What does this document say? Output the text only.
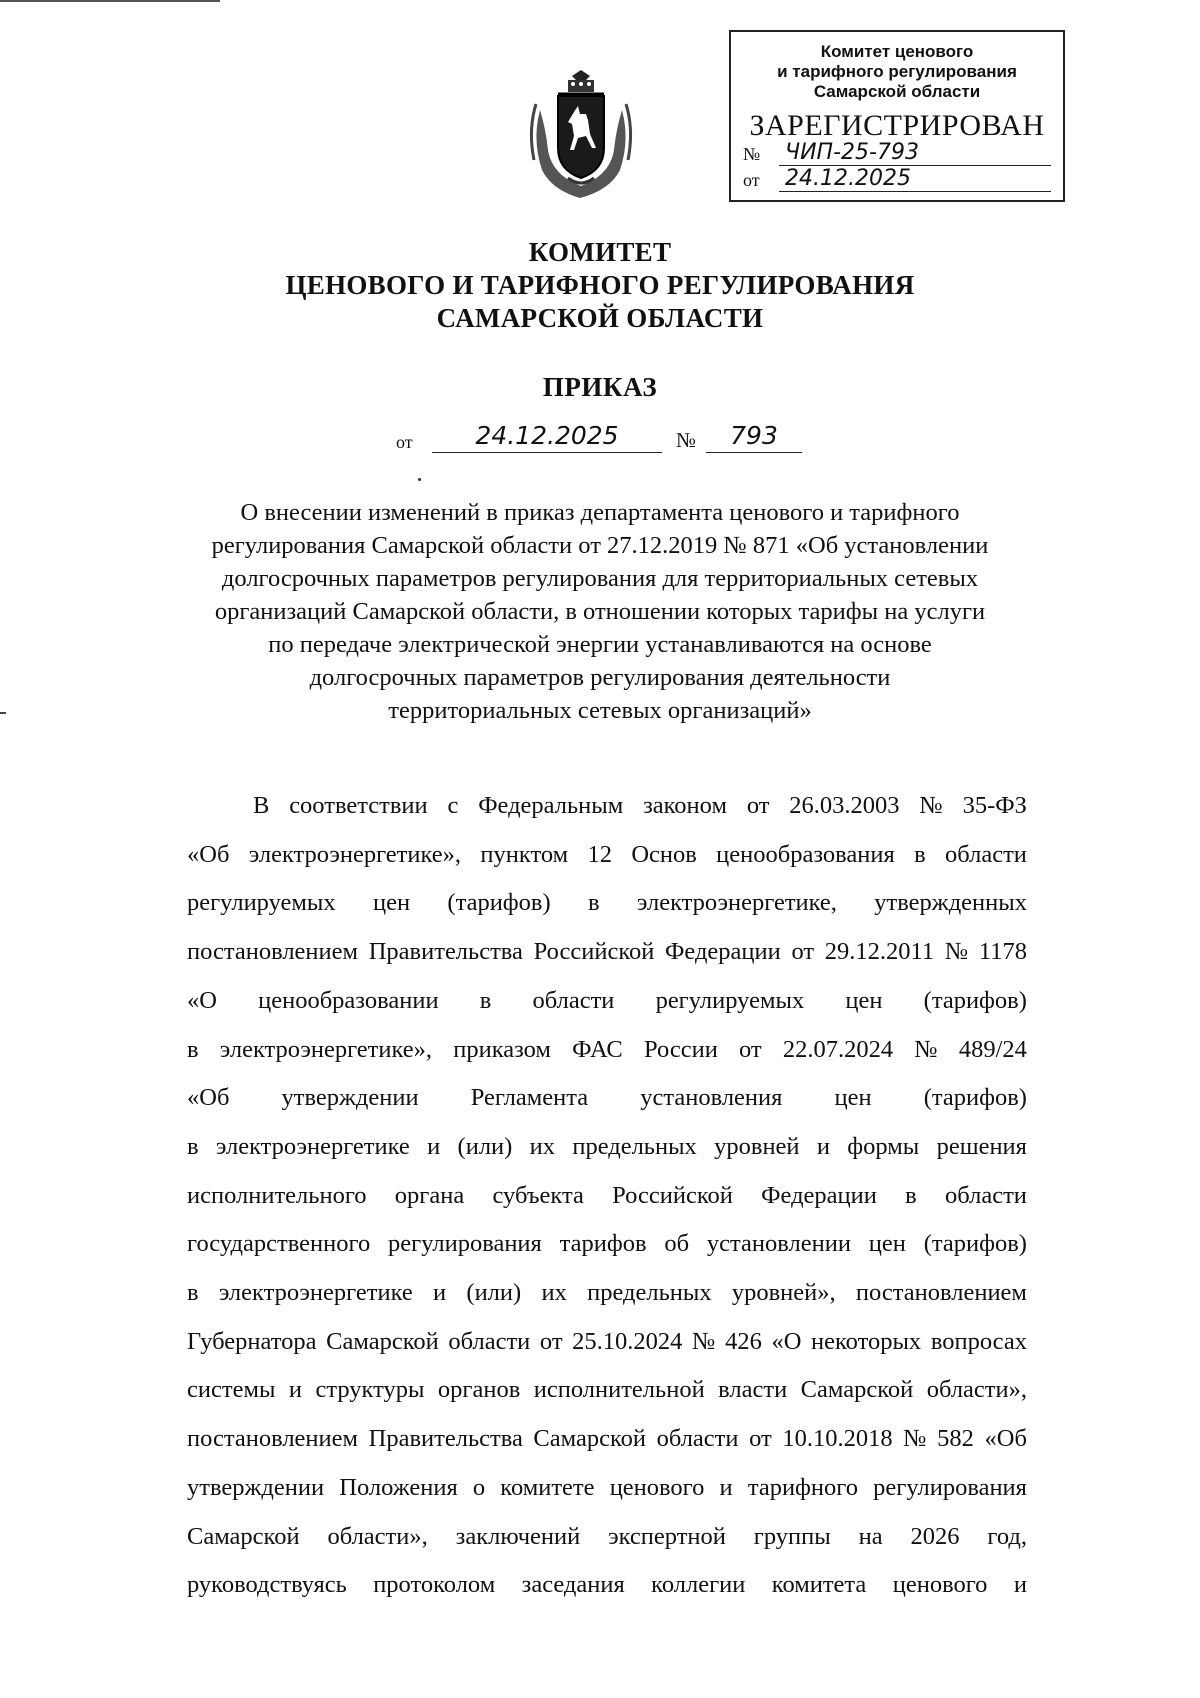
Комитет ценового
и тарифного регулирования
Самарской области
ЗАРЕГИСТРИРОВАН
№ ЧИП-25-793
от 24.12.2025
КОМИТЕТ
ЦЕНОВОГО И ТАРИФНОГО РЕГУЛИРОВАНИЯ
САМАРСКОЙ ОБЛАСТИ
ПРИКАЗ
от	24.12.2025	№	793
О внесении изменений в приказ департамента ценового и тарифного
регулирования Самарской области от 27.12.2019 № 871 «Об установлении
долгосрочных параметров регулирования для территориальных сетевых
организаций Самарской области, в отношении которых тарифы на услуги
по передаче электрической энергии устанавливаются на основе
долгосрочных параметров регулирования деятельности
территориальных сетевых организаций»
В соответствии с Федеральным законом от 26.03.2003 № 35-ФЗ
«Об электроэнергетике», пунктом 12 Основ ценообразования в области
регулируемых цен (тарифов) в электроэнергетике, утвержденных
постановлением Правительства Российской Федерации от 29.12.2011 № 1178
«О ценообразовании в области регулируемых цен (тарифов)
в электроэнергетике», приказом ФАС России от 22.07.2024 № 489/24
«Об утверждении Регламента установления цен (тарифов)
в электроэнергетике и (или) их предельных уровней и формы решения
исполнительного органа субъекта Российской Федерации в области
государственного регулирования тарифов об установлении цен (тарифов)
в электроэнергетике и (или) их предельных уровней», постановлением
Губернатора Самарской области от 25.10.2024 № 426 «О некоторых вопросах
системы и структуры органов исполнительной власти Самарской области»,
постановлением Правительства Самарской области от 10.10.2018 № 582 «Об
утверждении Положения о комитете ценового и тарифного регулирования
Самарской области», заключений экспертной группы на 2026 год,
руководствуясь протоколом заседания коллегии комитета ценового и
